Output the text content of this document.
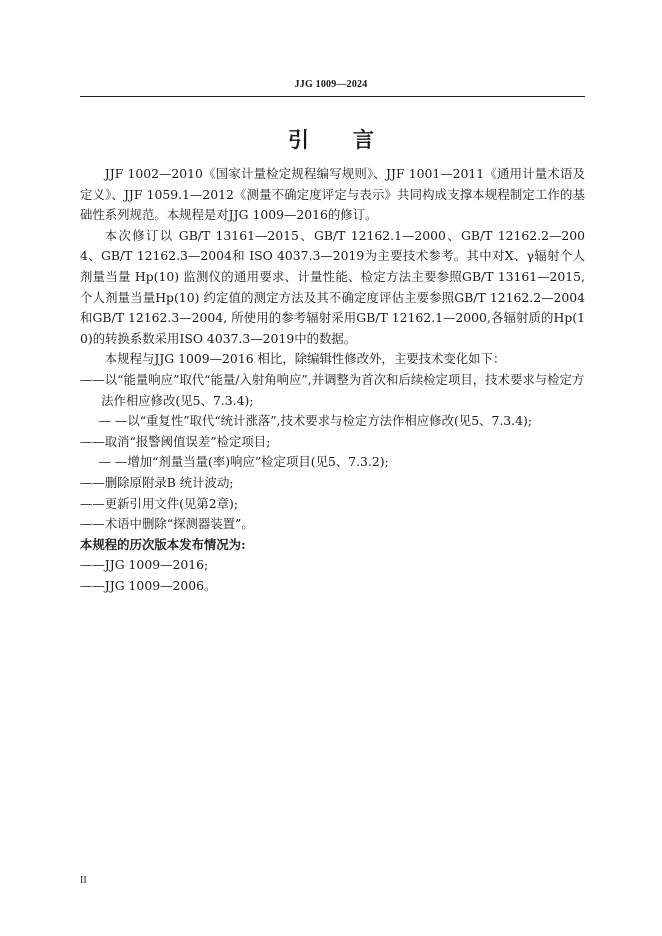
JJG 1009—2024
引言

JJF 1002—2010《国家计量检定规程编写规则》、JJF 1001—2011《通用计量术语及定义》、JJF 1059.1—2012《测量不确定度评定与表示》共同构成支撑本规程制定工作的基础性系列规范。本规程是对JJG 1009—2016的修订。

本次修订以 GB/T 13161—2015、GB/T 12162.1—2000、GB/T 12162.2—2004、GB/T 12162.3—2004和 ISO 4037.3—2019为主要技术参考。其中对X、γ辐射个人剂量当量 Hp(10) 监测仪的通用要求、计量性能、检定方法主要参照GB/T 13161—2015,个人剂量当量Hp(10) 约定值的测定方法及其不确定度评估主要参照GB/T 12162.2—2004和GB/T 12162.3—2004, 所使用的参考辐射采用GB/T 12162.1—2000,各辐射质的Hp(10)的转换系数采用ISO 4037.3—2019中的数据。

本规程与JJG 1009—2016 相比，除编辑性修改外，主要技术变化如下：

——以“能量响应”取代“能量/入射角响应”,并调整为首次和后续检定项目，技术要求与检定方法作相应修改(见5、7.3.4);

— —以“重复性”取代“统计涨落”,技术要求与检定方法作相应修改(见5、7.3.4);

——取消“报警阈值误差”检定项目;

— —增加“剂量当量(率)响应”检定项目(见5、7.3.2);

——删除原附录B 统计波动;

——更新引用文件(见第2章);

——术语中删除“探测器装置”。

本规程的历次版本发布情况为:

——JJG 1009—2016;

——JJG 1009—2006。

II
